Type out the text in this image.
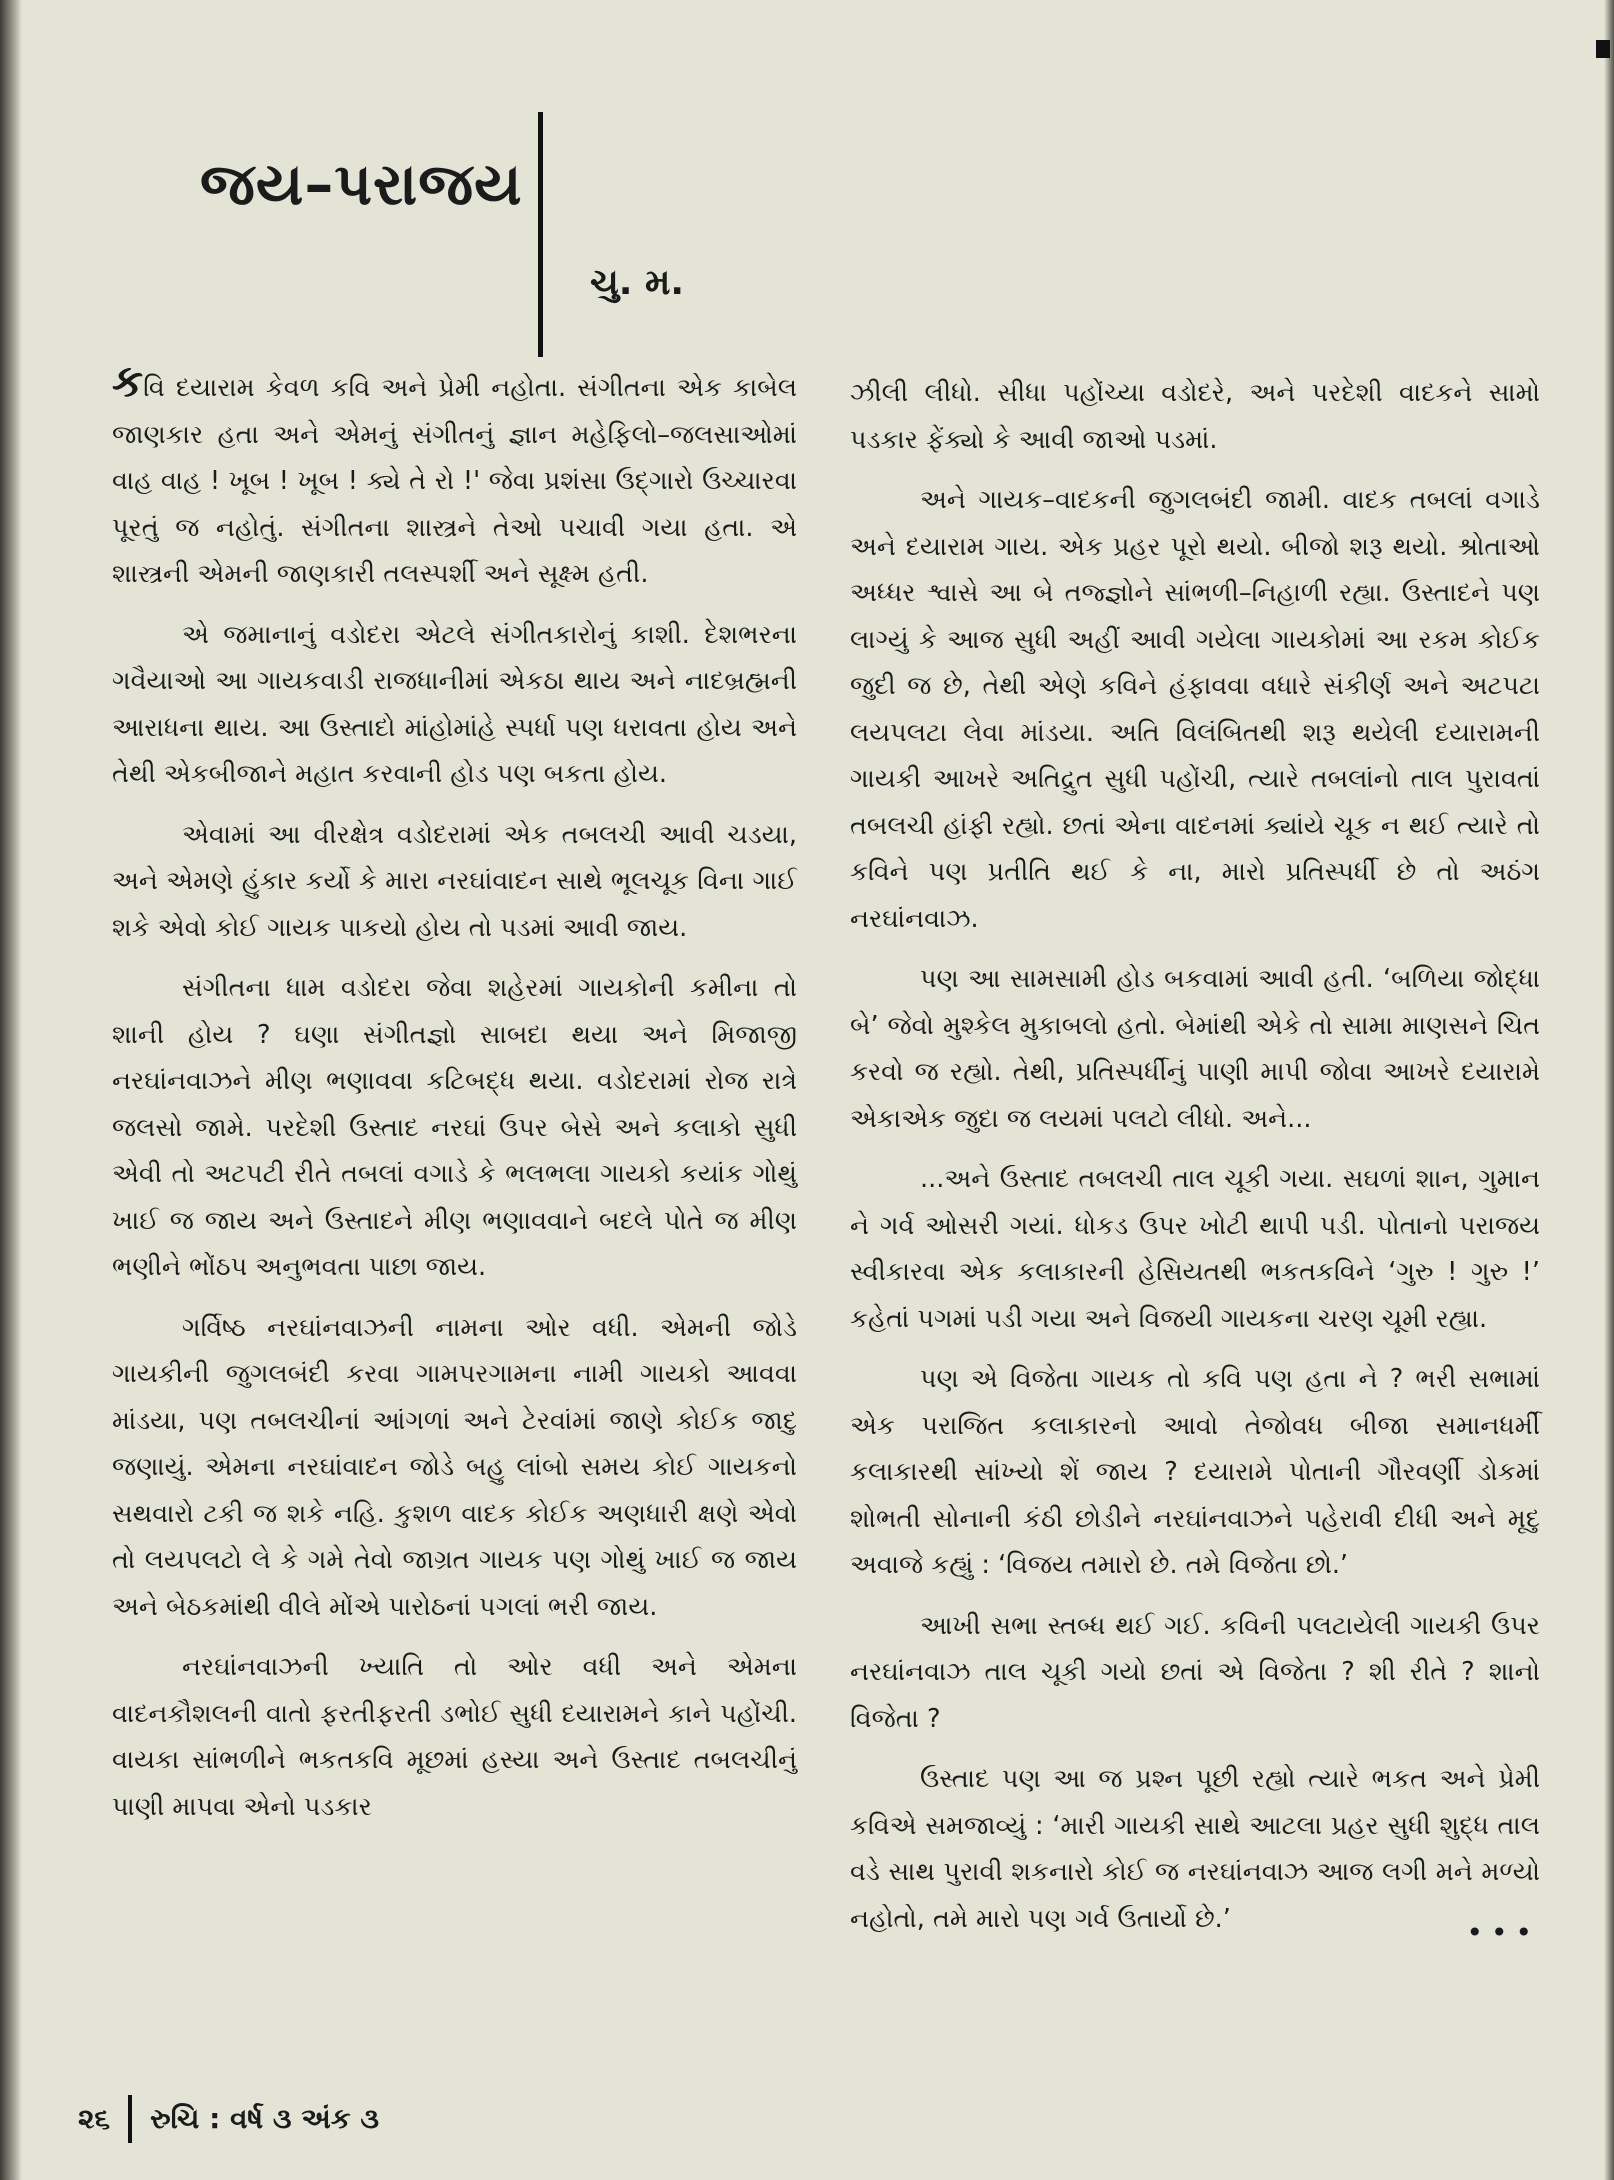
જય–પરાજય
ચુ. મ.

કવિ દયારામ કેવળ કવિ અને પ્રેમી નહોતા. સંગીતના એક કાબેલ જાણકાર હતા અને એમનું સંગીતનું જ્ઞાન મહેફિલો–જલસાઓમાં વાહ વાહ ! ખૂબ ! ખૂબ ! ક્યે તે રો !' જેવા પ્રશંસા ઉદ્ગારો ઉચ્ચારવા પૂરતું જ નહોતું. સંગીતના શાસ્ત્રને તેઓ પચાવી ગયા હતા. એ શાસ્ત્રની એમની જાણકારી તલસ્પર્શી અને સૂક્ષ્મ હતી.

એ જમાનાનું વડોદરા એટલે સંગીતકારોનું કાશી. દેશભરના ગવૈયાઓ આ ગાયકવાડી રાજધાનીમાં એકઠા થાય અને નાદબ્રહ્મની આરાધના થાય. આ ઉસ્તાદો માંહોમાંહે સ્પર્ધા પણ ધરાવતા હોય અને તેથી એકબીજાને મહાત કરવાની હોડ પણ બકતા હોય.

એવામાં આ વીરક્ષેત્ર વડોદરામાં એક તબલચી આવી ચડયા, અને એમણે હુંકાર કર્યો કે મારા નરઘાંવાદન સાથે ભૂલચૂક વિના ગાઈ શકે એવો કોઈ ગાયક પાકયો હોય તો પડમાં આવી જાય.

સંગીતના ધામ વડોદરા જેવા શહેરમાં ગાયકોની કમીના તો શાની હોય ? ઘણા સંગીતજ્ઞો સાબદા થયા અને મિજાજી નરઘાંનવાઝને મીણ ભણાવવા કટિબદ્ધ થયા. વડોદરામાં રોજ રાત્રે જલસો જામે. પરદેશી ઉસ્તાદ નરઘાં ઉપર બેસે અને કલાકો સુધી એવી તો અટપટી રીતે તબલાં વગાડે કે ભલભલા ગાયકો કયાંક ગોથું ખાઈ જ જાય અને ઉસ્તાદને મીણ ભણાવવાને બદલે પોતે જ મીણ ભણીને ભોંઠપ અનુભવતા પાછા જાય.

ગર્વિષ્ઠ નરઘાંનવાઝની નામના ઓર વધી. એમની જોડે ગાયકીની જુગલબંદી કરવા ગામપરગામના નામી ગાયકો આવવા માંડયા, પણ તબલચીનાં આંગળાં અને ટેરવાંમાં જાણે કોઈક જાદુ જણાયું. એમના નરઘાંવાદન જોડે બહુ લાંબો સમય કોઈ ગાયકનો સથવારો ટકી જ શકે નહિ. કુશળ વાદક કોઈક અણધારી ક્ષણે એવો તો લયપલટો લે કે ગમે તેવો જાગ્રત ગાયક પણ ગોથું ખાઈ જ જાય અને બેઠકમાંથી વીલે મોંએ પારોઠનાં પગલાં ભરી જાય.

નરઘાંનવાઝની ખ્યાતિ તો ઓર વધી અને એમના વાદનકૌશલની વાતો ફરતીફરતી ડભોઈ સુધી દયારામને કાને પહોંચી. વાયકા સાંભળીને ભકતકવિ મૂછમાં હસ્યા અને ઉસ્તાદ તબલચીનું પાણી માપવા એનો પડકાર

ઝીલી લીધો. સીધા પહોંચ્યા વડોદરે, અને પરદેશી વાદકને સામો પડકાર ફેંક્યો કે આવી જાઓ પડમાં.

અને ગાયક–વાદકની જુગલબંદી જામી. વાદક તબલાં વગાડે અને દયારામ ગાય. એક પ્રહર પૂરો થયો. બીજો શરૂ થયો. શ્રોતાઓ અધ્ધર શ્વાસે આ બે તજ્જ્ઞોને સાંભળી–નિહાળી રહ્યા. ઉસ્તાદને પણ લાગ્યું કે આજ સુધી અહીં આવી ગયેલા ગાયકોમાં આ રકમ કોઈક જુદી જ છે, તેથી એણે કવિને હંફાવવા વધારે સંકીર્ણ અને અટપટા લયપલટા લેવા માંડયા. અતિ વિલંબિતથી શરૂ થયેલી દયારામની ગાયકી આખરે અતિદ્રુત સુધી પહોંચી, ત્યારે તબલાંનો તાલ પુરાવતાં તબલચી હાંફી રહ્યો. છતાં એના વાદનમાં ક્યાંયે ચૂક ન થઈ ત્યારે તો કવિને પણ પ્રતીતિ થઈ કે ના, મારો પ્રતિસ્પર્ધી છે તો અઠંગ નરઘાંનવાઝ.

પણ આ સામસામી હોડ બકવામાં આવી હતી. ‘બળિયા જોદ્ધા બે’ જેવો મુશ્કેલ મુકાબલો હતો. બેમાંથી એકે તો સામા માણસને ચિત કરવો જ રહ્યો. તેથી, પ્રતિસ્પર્ધીનું પાણી માપી જોવા આખરે દયારામે એકાએક જુદા જ લયમાં પલટો લીધો. અને...

...અને ઉસ્તાદ તબલચી તાલ ચૂકી ગયા. સઘળાં શાન, ગુમાન ને ગર્વ ઓસરી ગયાં. ધોકડ ઉપર ખોટી થાપી પડી. પોતાનો પરાજય સ્વીકારવા એક કલાકારની હેસિયતથી ભકતકવિને ‘ગુરુ ! ગુરુ !’ કહેતાં પગમાં પડી ગયા અને વિજયી ગાયકના ચરણ ચૂમી રહ્યા.

પણ એ વિજેતા ગાયક તો કવિ પણ હતા ને ? ભરી સભામાં એક પરાજિત કલાકારનો આવો તેજોવધ બીજા સમાનધર્મી કલાકારથી સાંખ્યો શેં જાય ? દયારામે પોતાની ગૌરવર્ણી ડોકમાં શોભતી સોનાની કંઠી છોડીને નરઘાંનવાઝને પહેરાવી દીધી અને મૃદુ અવાજે કહ્યું : ‘વિજય તમારો છે. તમે વિજેતા છો.’

આખી સભા સ્તબ્ધ થઈ ગઈ. કવિની પલટાયેલી ગાયકી ઉપર નરઘાંનવાઝ તાલ ચૂકી ગયો છતાં એ વિજેતા ? શી રીતે ? શાનો વિજેતા ?

ઉસ્તાદ પણ આ જ પ્રશ્ન પૂછી રહ્યો ત્યારે ભકત અને પ્રેમી કવિએ સમજાવ્યું : ‘મારી ગાયકી સાથે આટલા પ્રહર સુધી શુદ્ધ તાલ વડે સાથ પુરાવી શકનારો કોઈ જ નરઘાંનવાઝ આજ લગી મને મળ્યો નહોતો, તમે મારો પણ ગર્વ ઉતાર્યો છે.’	•••
૨૬ રુચિ : વર્ષ ૩ અંક ૩
